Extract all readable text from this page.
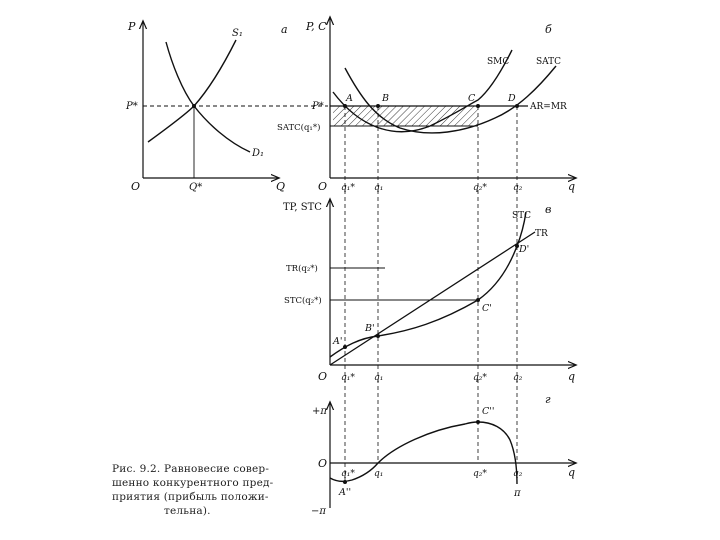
P
Q
O
а
S₁
D₁
P*
Q*
P, C
q
O
б
SMC	SATC
AR=MR
P*
SATC(q₁*)
A	B	C	D
q₁* q₁	q₂*	q₂
TP, STC
q
O
в
STC
TR
TR(q₂*)
STC(q₂*)
A'
B'
C'
D'
q₁* q₁	q₂*	q₂
+π
−π
O
q
г
π
A''
C''
q₁* q₁	q₂*	q₂
Рис. 9.2. Равновесие совер-
шенно конкурентного пред-
приятия (прибыль положи-
тельна).
